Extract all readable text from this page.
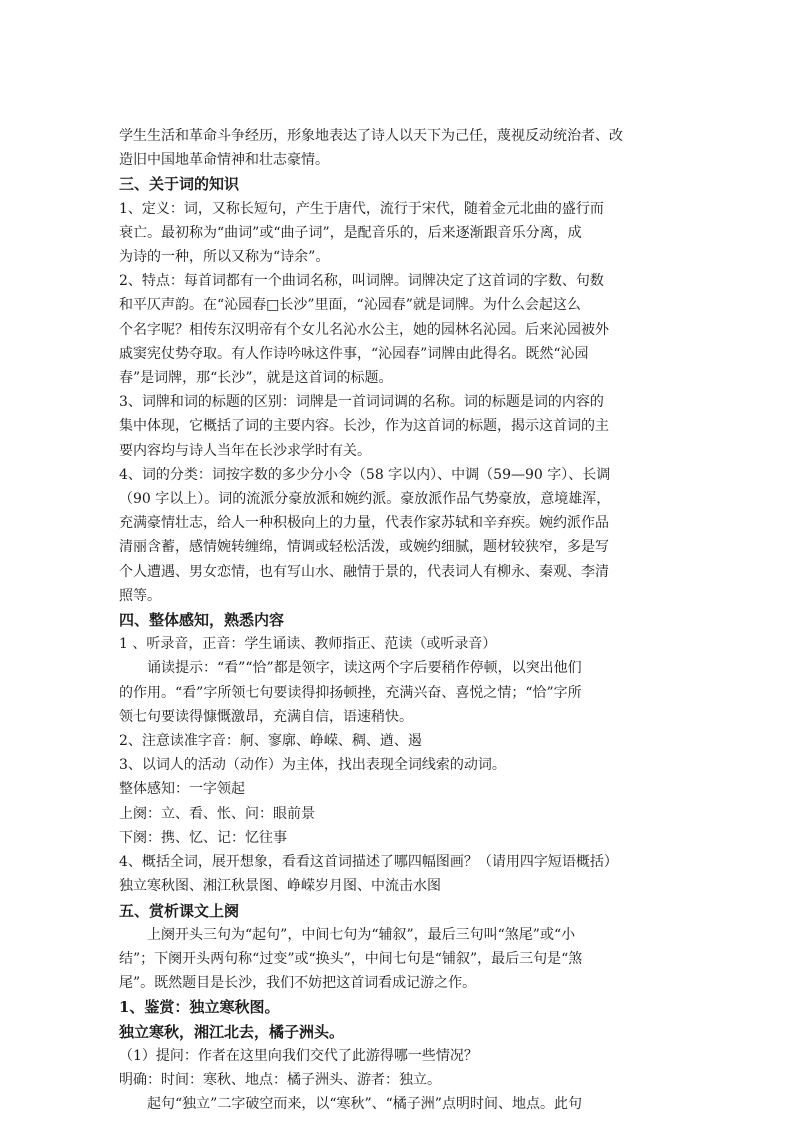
学生生活和革命斗争经历，形象地表达了诗人以天下为己任，蔑视反动统治者、改
造旧中国地革命情神和壮志豪情。
三、关于词的知识
1、定义：词，又称长短句，产生于唐代，流行于宋代，随着金元北曲的盛行而
衰亡。最初称为“曲词”或“曲子词”，是配音乐的，后来逐渐跟音乐分离，成
为诗的一种，所以又称为“诗余”。
2、特点：每首词都有一个曲词名称，叫词牌。词牌决定了这首词的字数、句数
和平仄声韵。在“沁园春□长沙”里面，“沁园春”就是词牌。为什么会起这么
个名字呢？相传东汉明帝有个女儿名沁水公主，她的园林名沁园。后来沁园被外
戚窦宪仗势夺取。有人作诗吟咏这件事，“沁园春”词牌由此得名。既然“沁园
春”是词牌，那“长沙”，就是这首词的标题。
3、词牌和词的标题的区别：词牌是一首词词调的名称。词的标题是词的内容的
集中体现，它概括了词的主要内容。长沙，作为这首词的标题，揭示这首词的主
要内容均与诗人当年在长沙求学时有关。
4、词的分类：词按字数的多少分小令（58 字以内）、中调（59—90 字）、长调
（90 字以上）。词的流派分豪放派和婉约派。豪放派作品气势豪放，意境雄浑，
充满豪情壮志，给人一种积极向上的力量，代表作家苏轼和辛弃疾。婉约派作品
清丽含蓄，感情婉转缠绵，情调或轻松活泼，或婉约细腻，题材较狭窄，多是写
个人遭遇、男女恋情，也有写山水、融情于景的，代表词人有柳永、秦观、李清
照等。
四、整体感知，熟悉内容
1 、听录音，正音：学生诵读、教师指正、范读（或听录音）
诵读提示：“看”“恰”都是领字，读这两个字后要稍作停顿，以突出他们
的作用。“看”字所领七句要读得抑扬顿挫，充满兴奋、喜悦之情；“恰”字所
领七句要读得慷慨激昂，充满自信，语速稍快。
2、注意读准字音：舸、寥廓、峥嵘、稠、遒、遏
3、以词人的活动（动作）为主体，找出表现全词线索的动词。
整体感知：一字领起
上阕：立、看、怅、问：眼前景
下阕：携、忆、记：忆往事
4、概括全词，展开想象，看看这首词描述了哪四幅图画？（请用四字短语概括）
独立寒秋图、湘江秋景图、峥嵘岁月图、中流击水图
五、赏析课文上阕
上阕开头三句为“起句”，中间七句为“辅叙”，最后三句叫“煞尾”或“小
结”；下阕开头两句称“过变”或“换头”，中间七句是“铺叙”，最后三句是“煞
尾”。既然题目是长沙，我们不妨把这首词看成记游之作。
1、鉴赏：独立寒秋图。
独立寒秋，湘江北去，橘子洲头。
（1）提问：作者在这里向我们交代了此游得哪一些情况？
明确：时间：寒秋、地点：橘子洲头、游者：独立。
起句“独立”二字破空而来，以“寒秋”、“橘子洲”点明时间、地点。此句
